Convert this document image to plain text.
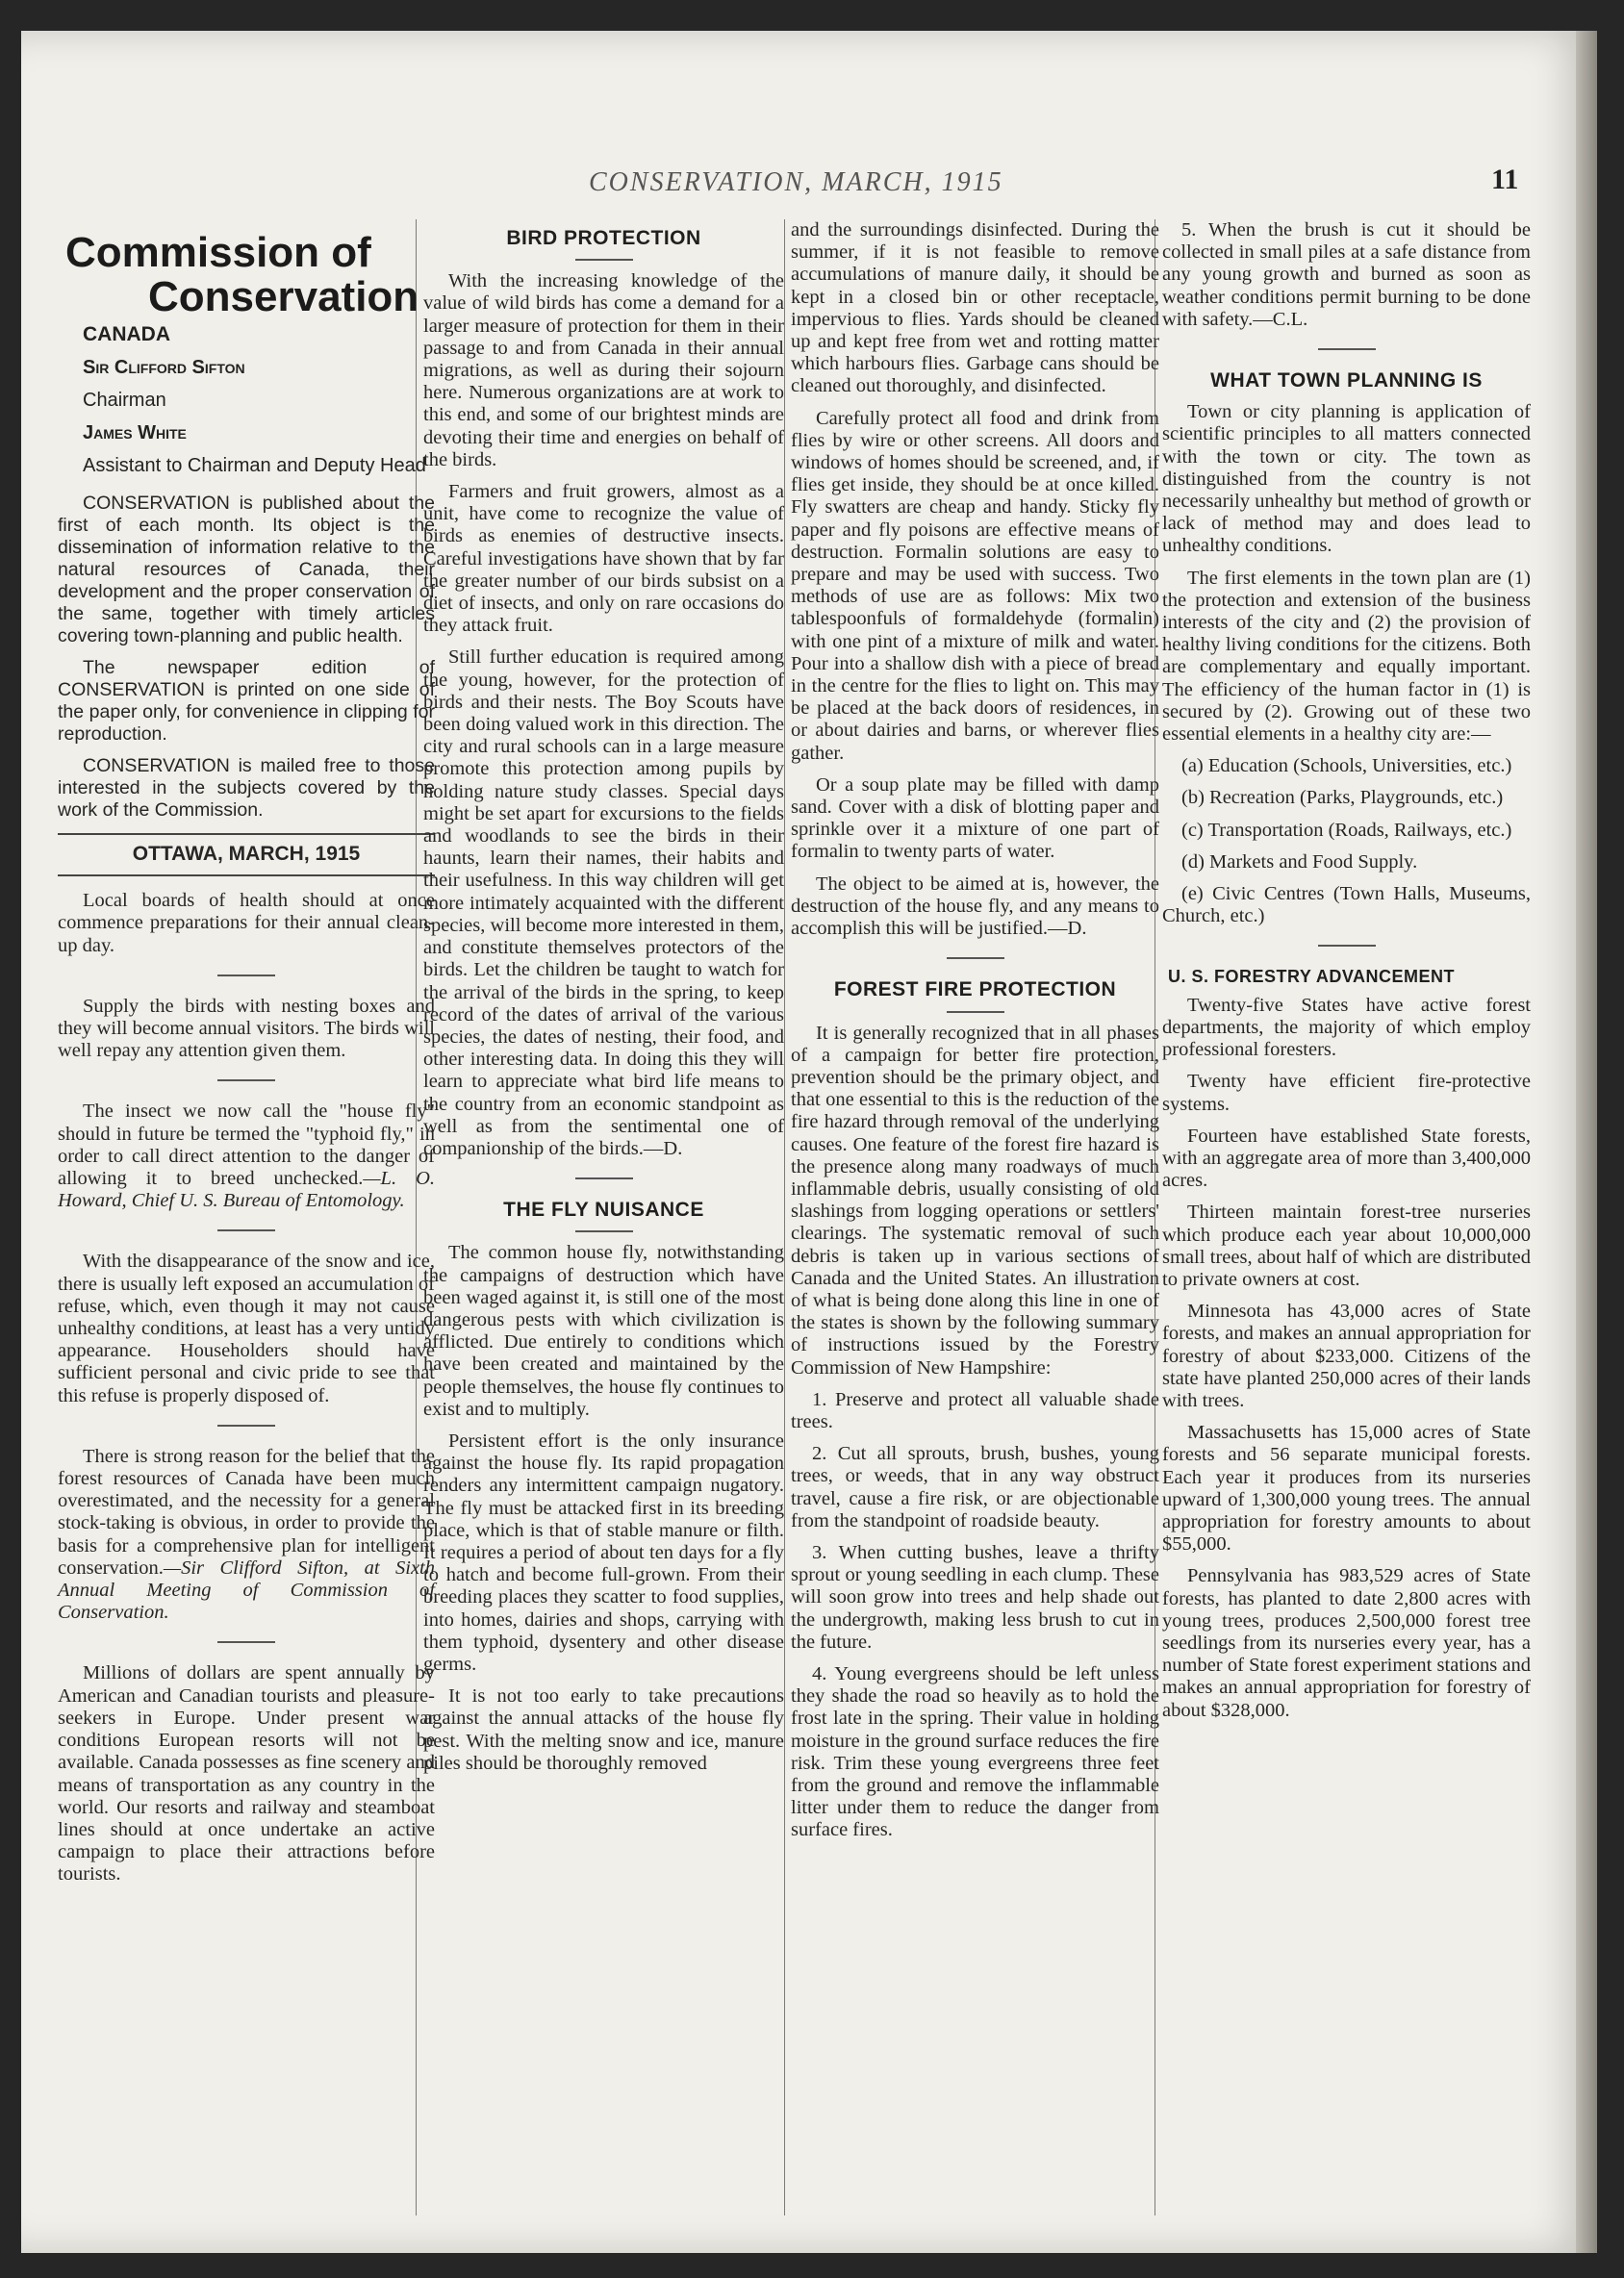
CONSERVATION, MARCH, 1915	11
Commission of
Conservation

CANADA

Sir Clifford Sifton

Chairman

James White

Assistant to Chairman and Deputy Head

CONSERVATION is published about the first of each month. Its object is the dissemination of information relative to the natural resources of Canada, their development and the proper conservation of the same, together with timely articles covering town-planning and public health.

The newspaper edition of CONSERVATION is printed on one side of the paper only, for convenience in clipping for reproduction.

CONSERVATION is mailed free to those interested in the subjects covered by the work of the Commission.

OTTAWA, MARCH, 1915

Local boards of health should at once commence preparations for their annual clean-up day.

Supply the birds with nesting boxes and they will become annual visitors. The birds will well repay any attention given them.

The insect we now call the "house fly" should in future be termed the "typhoid fly," in order to call direct attention to the danger of allowing it to breed unchecked.—L. O. Howard, Chief U. S. Bureau of Entomology.

With the disappearance of the snow and ice, there is usually left exposed an accumulation of refuse, which, even though it may not cause unhealthy conditions, at least has a very untidy appearance. Householders should have sufficient personal and civic pride to see that this refuse is properly disposed of.

There is strong reason for the belief that the forest resources of Canada have been much overestimated, and the necessity for a general stock-taking is obvious, in order to provide the basis for a comprehensive plan for intelligent conservation.—Sir Clifford Sifton, at Sixth Annual Meeting of Commission of Conservation.

Millions of dollars are spent annually by American and Canadian tourists and pleasure-seekers in Europe. Under present war conditions European resorts will not be available. Canada possesses as fine scenery and means of transportation as any country in the world. Our resorts and railway and steamboat lines should at once undertake an active campaign to place their attractions before tourists.

BIRD PROTECTION

With the increasing knowledge of the value of wild birds has come a demand for a larger measure of protection for them in their passage to and from Canada in their annual migrations, as well as during their sojourn here. Numerous organizations are at work to this end, and some of our brightest minds are devoting their time and energies on behalf of the birds.

Farmers and fruit growers, almost as a unit, have come to recognize the value of birds as enemies of destructive insects. Careful investigations have shown that by far the greater number of our birds subsist on a diet of insects, and only on rare occasions do they attack fruit.

Still further education is required among the young, however, for the protection of birds and their nests. The Boy Scouts have been doing valued work in this direction. The city and rural schools can in a large measure promote this protection among pupils by holding nature study classes. Special days might be set apart for excursions to the fields and woodlands to see the birds in their haunts, learn their names, their habits and their usefulness. In this way children will get more intimately acquainted with the different species, will become more interested in them, and constitute themselves protectors of the birds. Let the children be taught to watch for the arrival of the birds in the spring, to keep record of the dates of arrival of the various species, the dates of nesting, their food, and other interesting data. In doing this they will learn to appreciate what bird life means to the country from an economic standpoint as well as from the sentimental one of companionship of the birds.—D.

THE FLY NUISANCE

The common house fly, notwithstanding the campaigns of destruction which have been waged against it, is still one of the most dangerous pests with which civilization is afflicted. Due entirely to conditions which have been created and maintained by the people themselves, the house fly continues to exist and to multiply.

Persistent effort is the only insurance against the house fly. Its rapid propagation renders any intermittent campaign nugatory. The fly must be attacked first in its breeding place, which is that of stable manure or filth. It requires a period of about ten days for a fly to hatch and become full-grown. From their breeding places they scatter to food supplies, into homes, dairies and shops, carrying with them typhoid, dysentery and other disease germs.

It is not too early to take precautions against the annual attacks of the house fly pest. With the melting snow and ice, manure piles should be thoroughly removed

and the surroundings disinfected. During the summer, if it is not feasible to remove accumulations of manure daily, it should be kept in a closed bin or other receptacle, impervious to flies. Yards should be cleaned up and kept free from wet and rotting matter which harbours flies. Garbage cans should be cleaned out thoroughly, and disinfected.

Carefully protect all food and drink from flies by wire or other screens. All doors and windows of homes should be screened, and, if flies get inside, they should be at once killed. Fly swatters are cheap and handy. Sticky fly paper and fly poisons are effective means of destruction. Formalin solutions are easy to prepare and may be used with success. Two methods of use are as follows: Mix two tablespoonfuls of formaldehyde (formalin) with one pint of a mixture of milk and water. Pour into a shallow dish with a piece of bread in the centre for the flies to light on. This may be placed at the back doors of residences, in or about dairies and barns, or wherever flies gather.

Or a soup plate may be filled with damp sand. Cover with a disk of blotting paper and sprinkle over it a mixture of one part of formalin to twenty parts of water.

The object to be aimed at is, however, the destruction of the house fly, and any means to accomplish this will be justified.—D.

FOREST FIRE PROTECTION

It is generally recognized that in all phases of a campaign for better fire protection, prevention should be the primary object, and that one essential to this is the reduction of the fire hazard through removal of the underlying causes. One feature of the forest fire hazard is the presence along many roadways of much inflammable debris, usually consisting of old slashings from logging operations or settlers' clearings. The systematic removal of such debris is taken up in various sections of Canada and the United States. An illustration of what is being done along this line in one of the states is shown by the following summary of instructions issued by the Forestry Commission of New Hampshire:

1. Preserve and protect all valuable shade trees.

2. Cut all sprouts, brush, bushes, young trees, or weeds, that in any way obstruct travel, cause a fire risk, or are objectionable from the standpoint of roadside beauty.

3. When cutting bushes, leave a thrifty sprout or young seedling in each clump. These will soon grow into trees and help shade out the undergrowth, making less brush to cut in the future.

4. Young evergreens should be left unless they shade the road so heavily as to hold the frost late in the spring. Their value in holding moisture in the ground surface reduces the fire risk. Trim these young evergreens three feet from the ground and remove the inflammable litter under them to reduce the danger from surface fires.

5. When the brush is cut it should be collected in small piles at a safe distance from any young growth and burned as soon as weather conditions permit burning to be done with safety.—C.L.

WHAT TOWN PLANNING IS

Town or city planning is application of scientific principles to all matters connected with the town or city. The town as distinguished from the country is not necessarily unhealthy but method of growth or lack of method may and does lead to unhealthy conditions.

The first elements in the town plan are (1) the protection and extension of the business interests of the city and (2) the provision of healthy living conditions for the citizens. Both are complementary and equally important. The efficiency of the human factor in (1) is secured by (2). Growing out of these two essential elements in a healthy city are:—

(a) Education (Schools, Universities, etc.)

(b) Recreation (Parks, Playgrounds, etc.)

(c) Transportation (Roads, Railways, etc.)

(d) Markets and Food Supply.

(e) Civic Centres (Town Halls, Museums, Church, etc.)

U. S. FORESTRY ADVANCEMENT

Twenty-five States have active forest departments, the majority of which employ professional foresters.

Twenty have efficient fire-protective systems.

Fourteen have established State forests, with an aggregate area of more than 3,400,000 acres.

Thirteen maintain forest-tree nurseries which produce each year about 10,000,000 small trees, about half of which are distributed to private owners at cost.

Minnesota has 43,000 acres of State forests, and makes an annual appropriation for forestry of about $233,000. Citizens of the state have planted 250,000 acres of their lands with trees.

Massachusetts has 15,000 acres of State forests and 56 separate municipal forests. Each year it produces from its nurseries upward of 1,300,000 young trees. The annual appropriation for forestry amounts to about $55,000.

Pennsylvania has 983,529 acres of State forests, has planted to date 2,800 acres with young trees, produces 2,500,000 forest tree seedlings from its nurseries every year, has a number of State forest experiment stations and makes an annual appropriation for forestry of about $328,000.
